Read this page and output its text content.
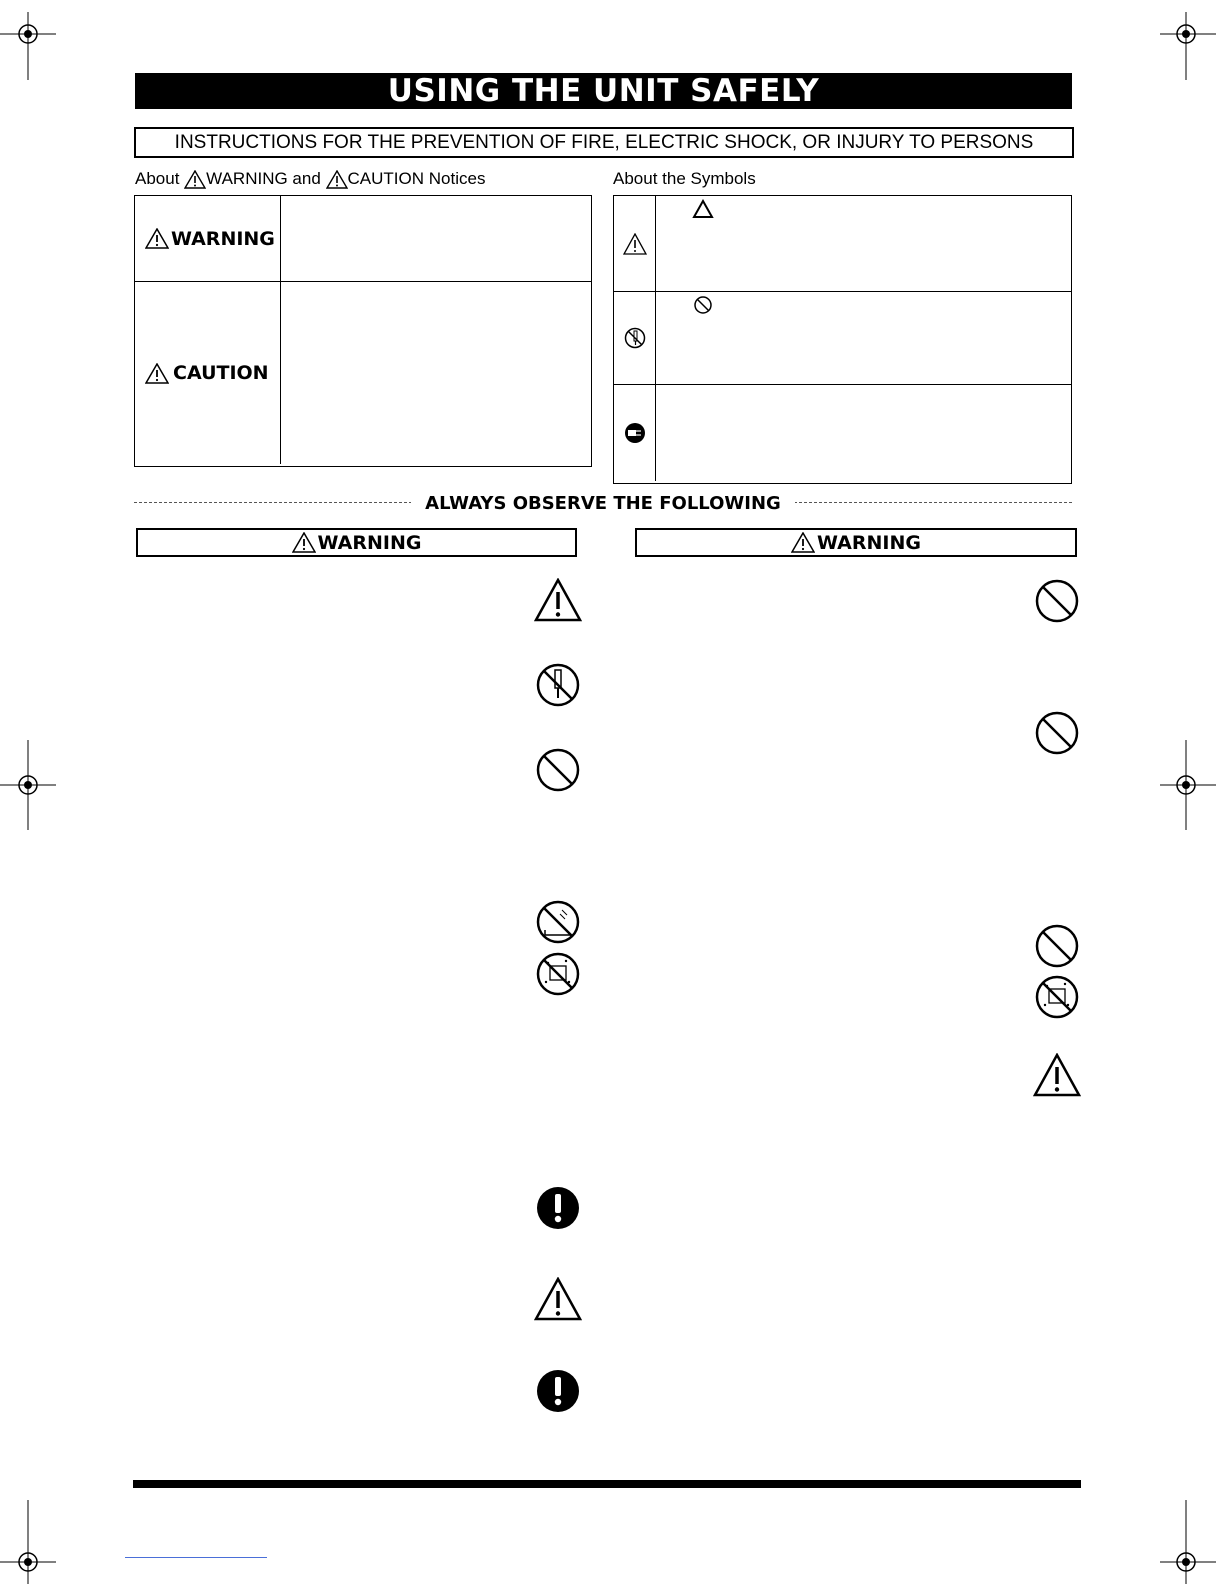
USING THE UNIT SAFELY
INSTRUCTIONS FOR THE PREVENTION OF FIRE, ELECTRIC SHOCK, OR INJURY TO PERSONS
About
WARNING and
CAUTION Notices	About the Symbols
WARNING
CAUTION
ALWAYS OBSERVE THE FOLLOWING
WARNING	WARNING
